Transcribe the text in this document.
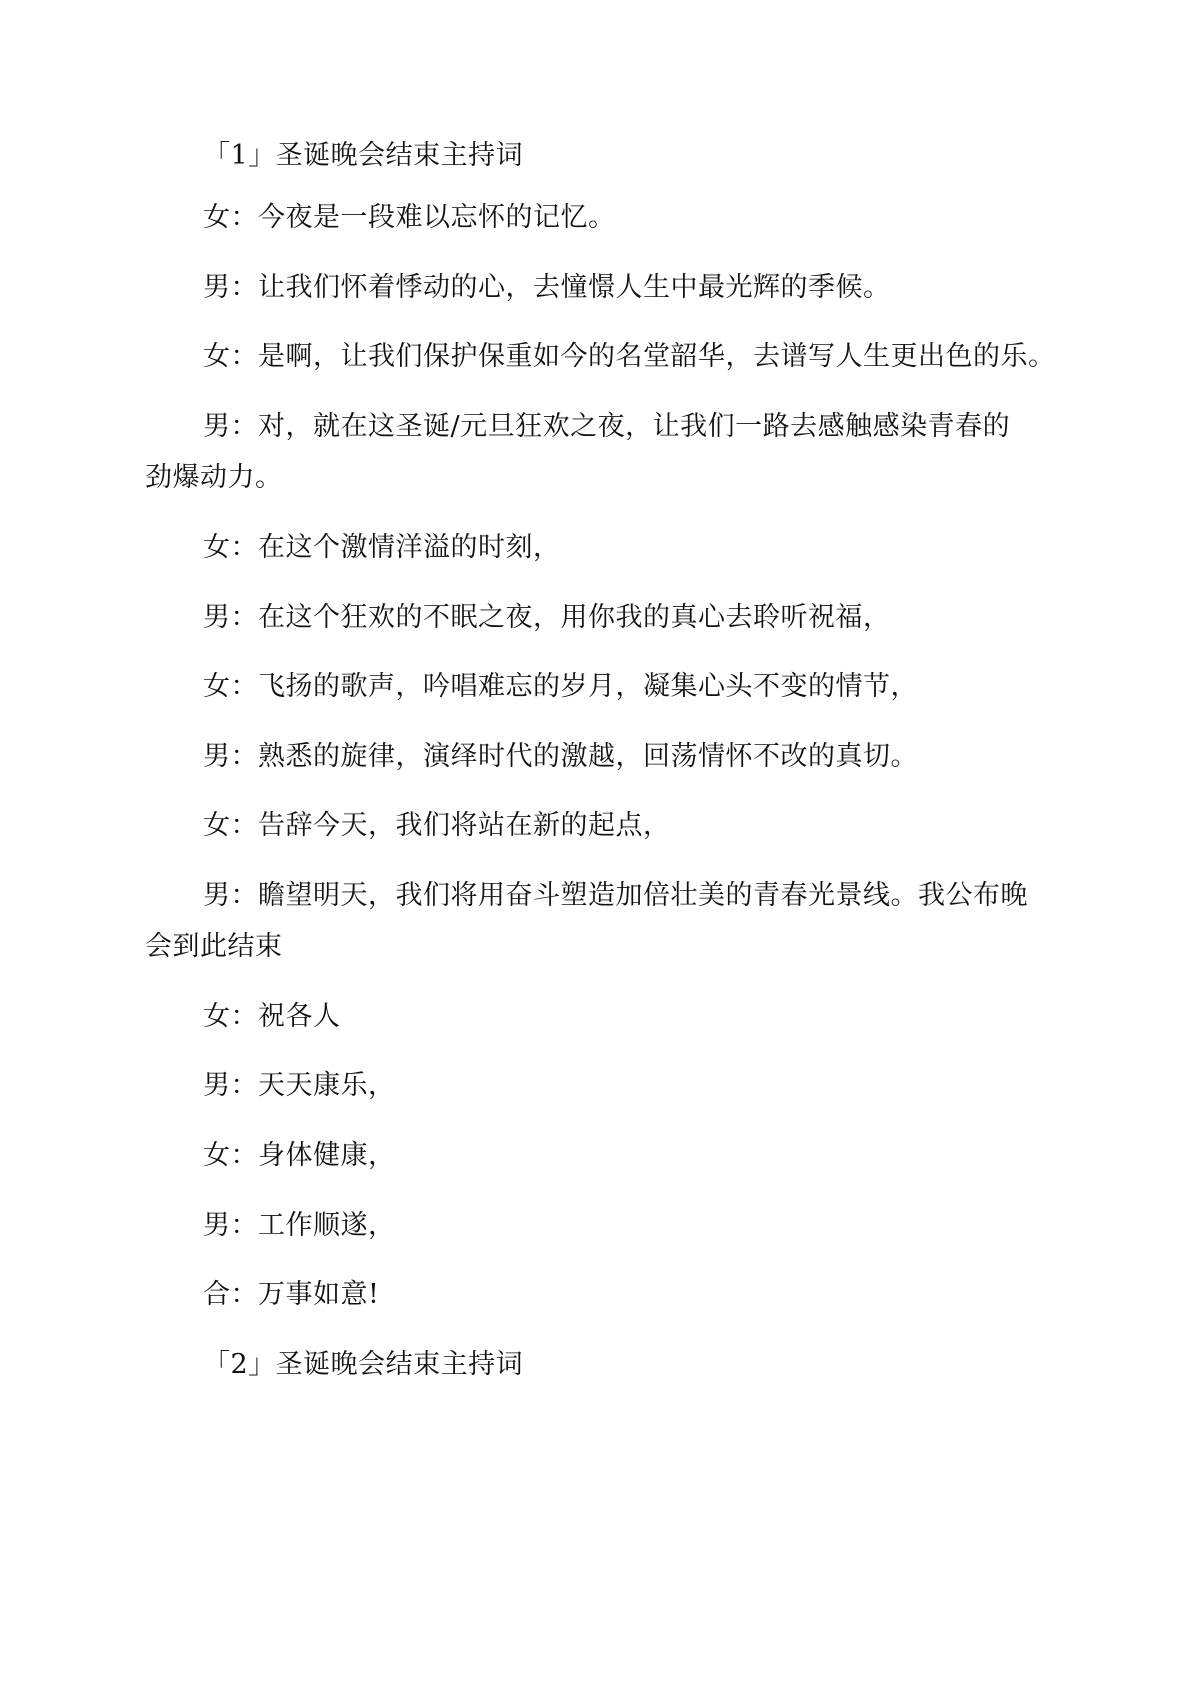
「1」圣诞晚会结束主持词
女：今夜是一段难以忘怀的记忆。
男：让我们怀着悸动的心，去憧憬人生中最光辉的季候。
女：是啊，让我们保护保重如今的名堂韶华，去谱写人生更出色的乐。
男：对，就在这圣诞/元旦狂欢之夜，让我们一路去感触感染青春的
劲爆动力。
女：在这个激情洋溢的时刻，
男：在这个狂欢的不眠之夜，用你我的真心去聆听祝福，
女：飞扬的歌声，吟唱难忘的岁月，凝集心头不变的情节，
男：熟悉的旋律，演绎时代的激越，回荡情怀不改的真切。
女：告辞今天，我们将站在新的起点，
男：瞻望明天，我们将用奋斗塑造加倍壮美的青春光景线。我公布晚
会到此结束
女：祝各人
男：天天康乐，
女：身体健康，
男：工作顺遂，
合：万事如意!
「2」圣诞晚会结束主持词
